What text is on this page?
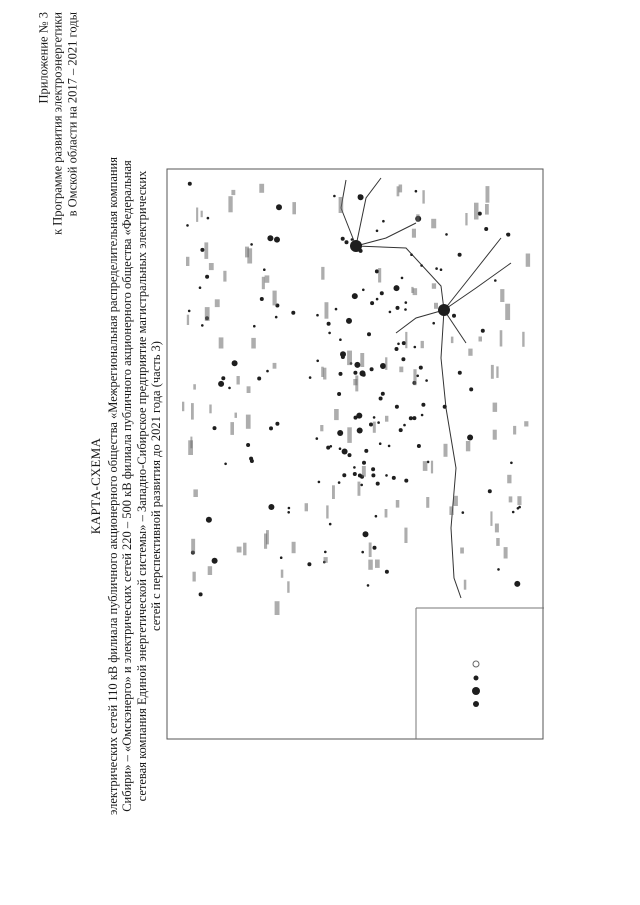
Приложение № 3 к Программе развития электроэнергетики в Омской области на 2017 – 2021 годы
КАРТА-СХЕМА электрических сетей 110 кВ филиала публичного акционерного общества «Межрегиональная распределительная компания Сибири» – «Омскэнерго» и электрических сетей 220 – 500 кВ филиала публичного акционерного общества «Федеральная сетевая компания Единой энергетической системы» – Западно-Сибирское предприятие магистральных электрических сетей с перспективной развития до 2021 года (часть 3)
